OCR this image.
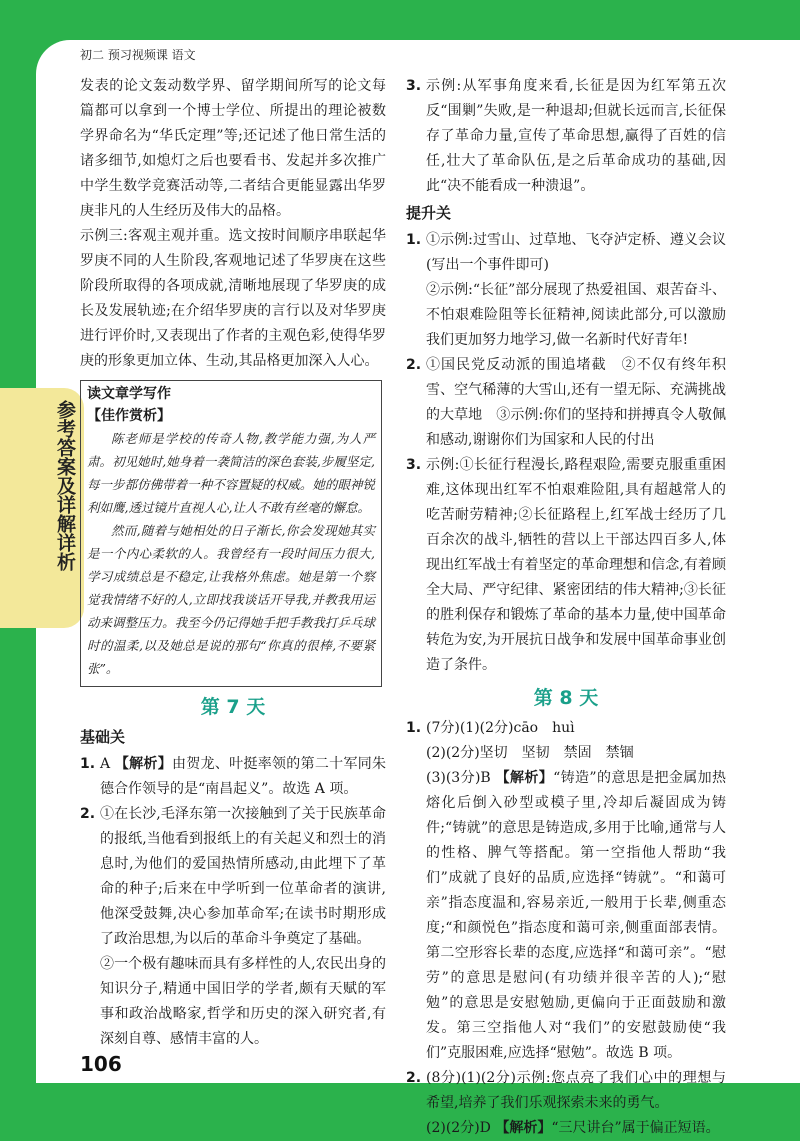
参考答案及详解详析
初二 预习视频课 语文

发表的论文轰动数学界、留学期间所写的论文每篇都可以拿到一个博士学位、所提出的理论被数学界命名为“华氏定理”等;还记述了他日常生活的诸多细节,如熄灯之后也要看书、发起并多次推广中学生数学竞赛活动等,二者结合更能显露出华罗庚非凡的人生经历及伟大的品格。

示例三:客观主观并重。选文按时间顺序串联起华罗庚不同的人生阶段,客观地记述了华罗庚在这些阶段所取得的各项成就,清晰地展现了华罗庚的成长及发展轨迹;在介绍华罗庚的言行以及对华罗庚进行评价时,又表现出了作者的主观色彩,使得华罗庚的形象更加立体、生动,其品格更加深入人心。

读文章学写作
【佳作赏析】

陈老师是学校的传奇人物,教学能力强,为人严肃。初见她时,她身着一袭简洁的深色套装,步履坚定,每一步都仿佛带着一种不容置疑的权威。她的眼神锐利如鹰,透过镜片直视人心,让人不敢有丝毫的懈怠。

然而,随着与她相处的日子渐长,你会发现她其实是一个内心柔软的人。我曾经有一段时间压力很大,学习成绩总是不稳定,让我格外焦虑。她是第一个察觉我情绪不好的人,立即找我谈话开导我,并教我用运动来调整压力。我至今仍记得她手把手教我打乒乓球时的温柔,以及她总是说的那句“你真的很棒,不要紧张”。

第 7 天
基础关
1. A 【解析】由贺龙、叶挺率领的第二十军同朱德合作领导的是“南昌起义”。故选 A 项。

2. ①在长沙,毛泽东第一次接触到了关于民族革命的报纸,当他看到报纸上的有关起义和烈士的消息时,为他们的爱国热情所感动,由此埋下了革命的种子;后来在中学听到一位革命者的演讲,他深受鼓舞,决心参加革命军;在读书时期形成了政治思想,为以后的革命斗争奠定了基础。

②一个极有趣味而具有多样性的人,农民出身的知识分子,精通中国旧学的学者,颇有天赋的军事和政治战略家,哲学和历史的深入研究者,有深刻自尊、感情丰富的人。

3. 示例:从军事角度来看,长征是因为红军第五次反“围剿”失败,是一种退却;但就长远而言,长征保存了革命力量,宣传了革命思想,赢得了百姓的信任,壮大了革命队伍,是之后革命成功的基础,因此“决不能看成一种溃退”。

提升关
1. ①示例:过雪山、过草地、飞夺泸定桥、遵义会议(写出一个事件即可)

②示例:“长征”部分展现了热爱祖国、艰苦奋斗、不怕艰难险阻等长征精神,阅读此部分,可以激励我们更加努力地学习,做一名新时代好青年!

2. ①国民党反动派的围追堵截　②不仅有终年积雪、空气稀薄的大雪山,还有一望无际、充满挑战的大草地　③示例:你们的坚持和拼搏真令人敬佩和感动,谢谢你们为国家和人民的付出

3. 示例:①长征行程漫长,路程艰险,需要克服重重困难,这体现出红军不怕艰难险阻,具有超越常人的吃苦耐劳精神;②长征路程上,红军战士经历了几百余次的战斗,牺牲的营以上干部达四百多人,体现出红军战士有着坚定的革命理想和信念,有着顾全大局、严守纪律、紧密团结的伟大精神;③长征的胜利保存和锻炼了革命的基本力量,使中国革命转危为安,为开展抗日战争和发展中国革命事业创造了条件。

第 8 天
1. (7分)(1)(2分)cāo　huì

(2)(2分)坚切　坚韧　禁固　禁锢

(3)(3分)B 【解析】“铸造”的意思是把金属加热熔化后倒入砂型或模子里,冷却后凝固成为铸件;“铸就”的意思是铸造成,多用于比喻,通常与人的性格、脾气等搭配。第一空指他人帮助“我们”成就了良好的品质,应选择“铸就”。“和蔼可亲”指态度温和,容易亲近,一般用于长辈,侧重态度;“和颜悦色”指态度和蔼可亲,侧重面部表情。第二空形容长辈的态度,应选择“和蔼可亲”。“慰劳”的意思是慰问(有功绩并很辛苦的人);“慰勉”的意思是安慰勉励,更偏向于正面鼓励和激发。第三空指他人对“我们”的安慰鼓励使“我们”克服困难,应选择“慰勉”。故选 B 项。

2. (8分)(1)(2分)示例:您点亮了我们心中的理想与希望,培养了我们乐观探索未来的勇气。

(2)(2分)D 【解析】“三尺讲台”属于偏正短语。

106
